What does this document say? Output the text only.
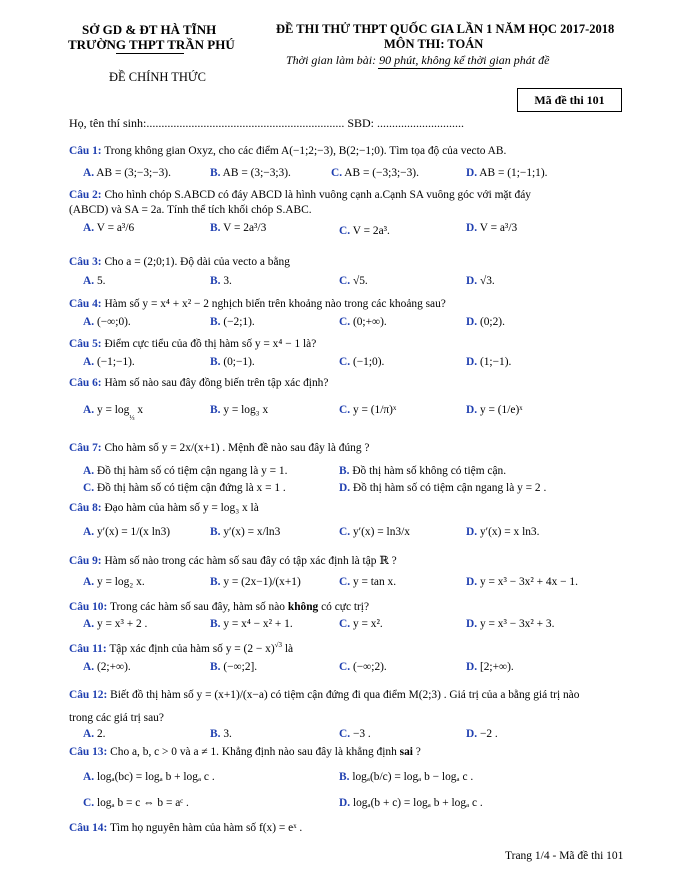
SỞ GD & ĐT HÀ TĨNH
TRƯỜNG THPT TRẦN PHÚ
ĐỀ CHÍNH THỨC
ĐỀ THI THỬ THPT QUỐC GIA LẦN 1 NĂM HỌC 2017-2018
MÔN THI: TOÁN
Thời gian làm bài: 90 phút, không kể thời gian phát đề
Mã đề thi 101
Họ, tên thí sinh:.................................................................. SBD: .............................
Câu 1: Trong không gian Oxyz, cho các điểm A(−1;2;−3), B(2;−1;0). Tìm tọa độ của vecto AB.
A. AB = (3;−3;−3).	B. AB = (3;−3;3).	C. AB = (−3;3;−3).	D. AB = (1;−1;1).
Câu 2: Cho hình chóp S.ABCD có đáy ABCD là hình vuông cạnh a.Cạnh SA vuông góc với mặt đáy
(ABCD) và SA = 2a. Tính thể tích khối chóp S.ABC.
A. V = a³/6	B. V = 2a³/3	C. V = 2a³.	D. V = a³/3
Câu 3: Cho a = (2;0;1). Độ dài của vecto a bằng
A. 5.	B. 3.	C. √5.	D. √3.
Câu 4: Hàm số y = x⁴ + x² − 2 nghịch biến trên khoảng nào trong các khoảng sau?
A. (−∞;0).	B. (−2;1).	C. (0;+∞).	D. (0;2).
Câu 5: Điểm cực tiểu của đồ thị hàm số y = x⁴ − 1 là?
A. (−1;−1).	B. (0;−1).	C. (−1;0).	D. (1;−1).
Câu 6: Hàm số nào sau đây đồng biến trên tập xác định?
A. $y = \log_{\frac{1}{3}} x$	B. y = log₃ x	C. y = (1/π)ˣ	D. y = (1/e)ˣ
Câu 7: Cho hàm số y = 2x/(x+1) . Mệnh đề nào sau đây là đúng ?
A. Đồ thị hàm số có tiệm cận ngang là y = 1.	B. Đồ thị hàm số không có tiệm cận.
C. Đồ thị hàm số có tiệm cận đứng là x = 1 .	D. Đồ thị hàm số có tiệm cận ngang là y = 2 .
Câu 8: Đạo hàm của hàm số y = log₃ x là
A. y′(x) = 1/(x ln3)	B. y′(x) = x/ln3	C. y′(x) = ln3/x	D. y′(x) = x ln3.
Câu 9: Hàm số nào trong các hàm số sau đây có tập xác định là tập ℝ ?
A. y = log₂ x.	B. y = (2x−1)/(x+1)	C. y = tan x.	D. y = x³ − 3x² + 4x − 1.
Câu 10: Trong các hàm số sau đây, hàm số nào không có cực trị?
A. y = x³ + 2 .	B. y = x⁴ − x² + 1.	C. y = x².	D. y = x³ − 3x² + 3.
Câu 11: Tập xác định của hàm số $y = (2 - x)^{√3}$ là
A. (2;+∞).	B. (−∞;2].	C. (−∞;2).	D. [2;+∞).
Câu 12: Biết đồ thị hàm số y = (x+1)/(x−a) có tiệm cận đứng đi qua điểm M(2;3) . Giá trị của a bằng giá trị nào
trong các giá trị sau?
A. 2.	B. 3.	C. −3 .	D. −2 .
Câu 13: Cho a, b, c > 0 và a ≠ 1. Khẳng định nào sau đây là khẳng định sai ?
A. logₐ(bc) = logₐ b + logₐ c .	B. logₐ(b/c) = logₐ b − logₐ c .
C. logₐ b = c ⇔ b = aᶜ .	D. logₐ(b + c) = logₐ b + logₐ c .
Câu 14: Tìm họ nguyên hàm của hàm số f(x) = eˣ .
Trang 1/4 - Mã đề thi 101
